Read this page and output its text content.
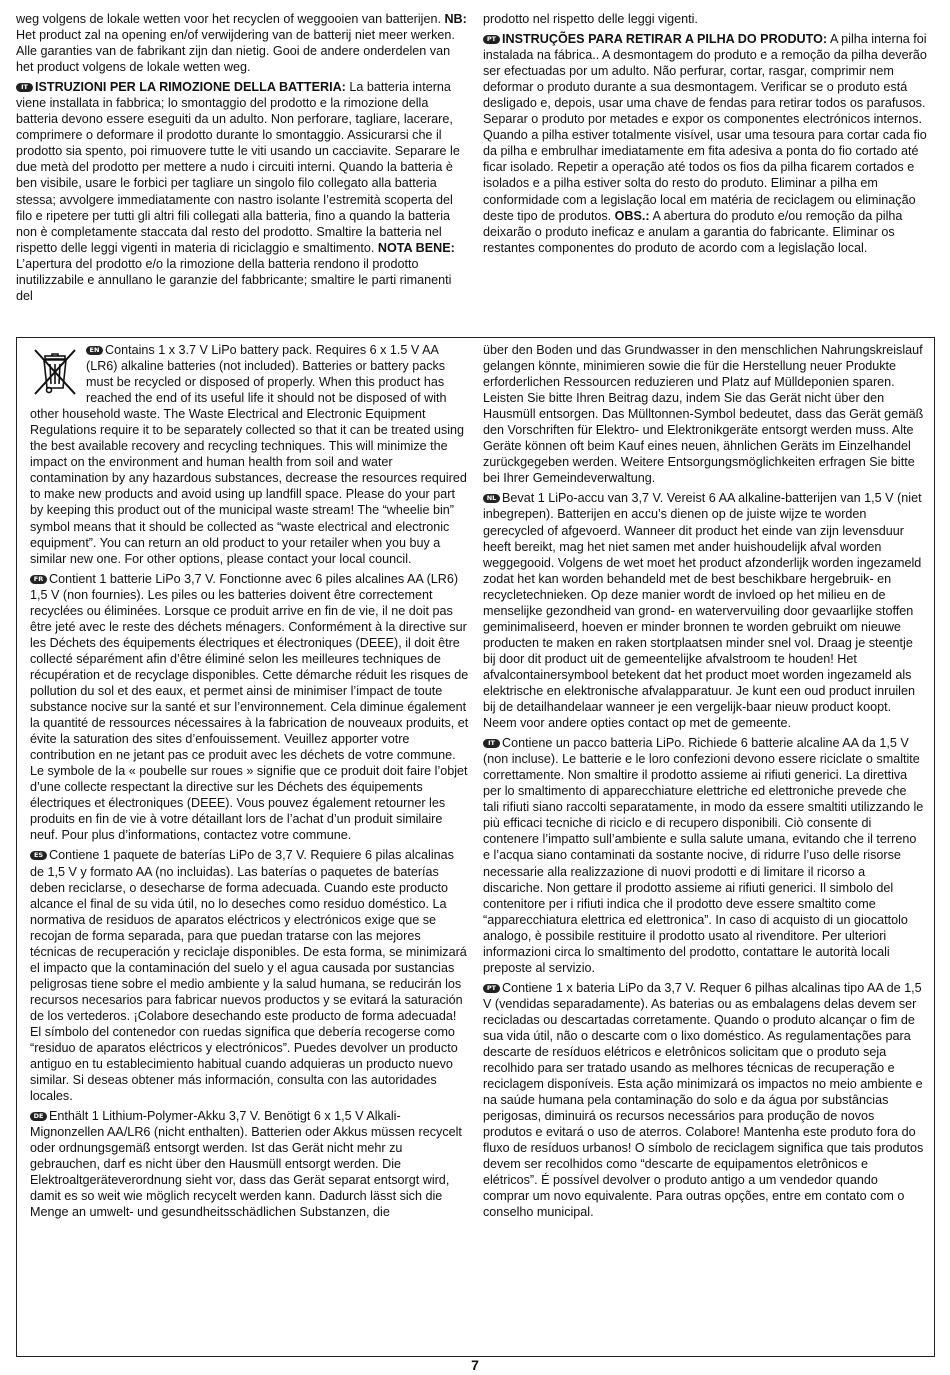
weg volgens de lokale wetten voor het recyclen of weggooien van batterijen. NB: Het product zal na opening en/of verwijdering van de batterij niet meer werken. Alle garanties van de fabrikant zijn dan nietig. Gooi de andere onderdelen van het product volgens de lokale wetten weg.

IT ISTRUZIONI PER LA RIMOZIONE DELLA BATTERIA: La batteria interna viene installata in fabbrica; lo smontaggio del prodotto e la rimozione della batteria devono essere eseguiti da un adulto. Non perforare, tagliare, lacerare, comprimere o deformare il prodotto durante lo smontaggio. Assicurarsi che il prodotto sia spento, poi rimuovere tutte le viti usando un cacciavite. Separare le due metà del prodotto per mettere a nudo i circuiti interni. Quando la batteria è ben visibile, usare le forbici per tagliare un singolo filo collegato alla batteria stessa; avvolgere immediatamente con nastro isolante l’estremità scoperta del filo e ripetere per tutti gli altri fili collegati alla batteria, fino a quando la batteria non è completamente staccata dal resto del prodotto. Smaltire la batteria nel rispetto delle leggi vigenti in materia di riciclaggio e smaltimento. NOTA BENE: L’apertura del prodotto e/o la rimozione della batteria rendono il prodotto inutilizzabile e annullano le garanzie del fabbricante; smaltire le parti rimanenti del

prodotto nel rispetto delle leggi vigenti.

PT INSTRUÇÕES PARA RETIRAR A PILHA DO PRODUTO: A pilha interna foi instalada na fábrica.. A desmontagem do produto e a remoção da pilha deverão ser efectuadas por um adulto. Não perfurar, cortar, rasgar, comprimir nem deformar o produto durante a sua desmontagem. Verificar se o produto está desligado e, depois, usar uma chave de fendas para retirar todos os parafusos. Separar o produto por metades e expor os componentes electrónicos internos. Quando a pilha estiver totalmente visível, usar uma tesoura para cortar cada fio da pilha e embrulhar imediatamente em fita adesiva a ponta do fio cortado até ficar isolado. Repetir a operação até todos os fios da pilha ficarem cortados e isolados e a pilha estiver solta do resto do produto. Eliminar a pilha em conformidade com a legislação local em matéria de reciclagem ou eliminação deste tipo de produtos. OBS.: A abertura do produto e/ou remoção da pilha deixarão o produto ineficaz e anulam a garantia do fabricante. Eliminar os restantes componentes do produto de acordo com a legislação local.

EN Contains 1 x 3.7 V LiPo battery pack. Requires 6 x 1.5 V AA (LR6) alkaline batteries (not included). Batteries or battery packs must be recycled or disposed of properly. When this product has reached the end of its useful life it should not be disposed of with other household waste. The Waste Electrical and Electronic Equipment Regulations require it to be separately collected so that it can be treated using the best available recovery and recycling techniques. This will minimize the impact on the environment and human health from soil and water contamination by any hazardous substances, decrease the resources required to make new products and avoid using up landfill space. Please do your part by keeping this product out of the municipal waste stream! The “wheelie bin” symbol means that it should be collected as “waste electrical and electronic equipment”. You can return an old product to your retailer when you buy a similar new one. For other options, please contact your local council.

FR Contient 1 batterie LiPo 3,7 V. Fonctionne avec 6 piles alcalines AA (LR6) 1,5 V (non fournies). Les piles ou les batteries doivent être correctement recyclées ou éliminées. Lorsque ce produit arrive en fin de vie, il ne doit pas être jeté avec le reste des déchets ménagers. Conformément à la directive sur les Déchets des équipements électriques et électroniques (DEEE), il doit être collecté séparément afin d’être éliminé selon les meilleures techniques de récupération et de recyclage disponibles. Cette démarche réduit les risques de pollution du sol et des eaux, et permet ainsi de minimiser l’impact de toute substance nocive sur la santé et sur l’environnement. Cela diminue également la quantité de ressources nécessaires à la fabrication de nouveaux produits, et évite la saturation des sites d’enfouissement. Veuillez apporter votre contribution en ne jetant pas ce produit avec les déchets de votre commune. Le symbole de la « poubelle sur roues » signifie que ce produit doit faire l’objet d’une collecte respectant la directive sur les Déchets des équipements électriques et électroniques (DEEE). Vous pouvez également retourner les produits en fin de vie à votre détaillant lors de l’achat d’un produit similaire neuf. Pour plus d’informations, contactez votre commune.

ES Contiene 1 paquete de baterías LiPo de 3,7 V. Requiere 6 pilas alcalinas de 1,5 V y formato AA (no incluidas). Las baterías o paquetes de baterías deben reciclarse, o desecharse de forma adecuada. Cuando este producto alcance el final de su vida útil, no lo deseches como residuo doméstico. La normativa de residuos de aparatos eléctricos y electrónicos exige que se recojan de forma separada, para que puedan tratarse con las mejores técnicas de recuperación y reciclaje disponibles. De esta forma, se minimizará el impacto que la contaminación del suelo y el agua causada por sustancias peligrosas tiene sobre el medio ambiente y la salud humana, se reducirán los recursos necesarios para fabricar nuevos productos y se evitará la saturación de los vertederos. ¡Colabore desechando este producto de forma adecuada! El símbolo del contenedor con ruedas significa que debería recogerse como “residuo de aparatos eléctricos y electrónicos”. Puedes devolver un producto antiguo en tu establecimiento habitual cuando adquieras un producto nuevo similar. Si deseas obtener más información, consulta con las autoridades locales.

DE Enthält 1 Lithium-Polymer-Akku 3,7 V. Benötigt 6 x 1,5 V Alkali-Mignonzellen AA/LR6 (nicht enthalten). Batterien oder Akkus müssen recycelt oder ordnungsgemäß entsorgt werden. Ist das Gerät nicht mehr zu gebrauchen, darf es nicht über den Hausmüll entsorgt werden. Die Elektroaltgeräteverordnung sieht vor, dass das Gerät separat entsorgt wird, damit es so weit wie möglich recycelt werden kann. Dadurch lässt sich die Menge an umwelt- und gesundheitsschädlichen Substanzen, die

über den Boden und das Grundwasser in den menschlichen Nahrungskreislauf gelangen könnte, minimieren sowie die für die Herstellung neuer Produkte erforderlichen Ressourcen reduzieren und Platz auf Mülldeponien sparen. Leisten Sie bitte Ihren Beitrag dazu, indem Sie das Gerät nicht über den Hausmüll entsorgen. Das Mülltonnen-Symbol bedeutet, dass das Gerät gemäß den Vorschriften für Elektro- und Elektronikgeräte entsorgt werden muss. Alte Geräte können oft beim Kauf eines neuen, ähnlichen Geräts im Einzelhandel zurückgegeben werden. Weitere Entsorgungsmöglichkeiten erfragen Sie bitte bei Ihrer Gemeindeverwaltung.

NL Bevat 1 LiPo-accu van 3,7 V. Vereist 6 AA alkaline-batterijen van 1,5 V (niet inbegrepen). Batterijen en accu’s dienen op de juiste wijze te worden gerecycled of afgevoerd. Wanneer dit product het einde van zijn levensduur heeft bereikt, mag het niet samen met ander huishoudelijk afval worden weggegooid. Volgens de wet moet het product afzonderlijk worden ingezameld zodat het kan worden behandeld met de best beschikbare hergebruik- en recycletechnieken. Op deze manier wordt de invloed op het milieu en de menselijke gezondheid van grond- en watervervuiling door gevaarlijke stoffen geminimaliseerd, hoeven er minder bronnen te worden gebruikt om nieuwe producten te maken en raken stortplaatsen minder snel vol. Draag je steentje bij door dit product uit de gemeentelijke afvalstroom te houden! Het afvalcontainersymbool betekent dat het product moet worden ingezameld als elektrische en elektronische afvalapparatuur. Je kunt een oud product inruilen bij de detailhandelaar wanneer je een vergelijk-baar nieuw product koopt. Neem voor andere opties contact op met de gemeente.

IT Contiene un pacco batteria LiPo. Richiede 6 batterie alcaline AA da 1,5 V (non incluse). Le batterie e le loro confezioni devono essere riciclate o smaltite correttamente. Non smaltire il prodotto assieme ai rifiuti generici. La direttiva per lo smaltimento di apparecchiature elettriche ed elettroniche prevede che tali rifiuti siano raccolti separatamente, in modo da essere smaltiti utilizzando le più efficaci tecniche di riciclo e di recupero disponibili. Ciò consente di contenere l’impatto sull’ambiente e sulla salute umana, evitando che il terreno e l’acqua siano contaminati da sostante nocive, di ridurre l’uso delle risorse necessarie alla realizzazione di nuovi prodotti e di limitare il ricorso a discariche. Non gettare il prodotto assieme ai rifiuti generici. Il simbolo del contenitore per i rifiuti indica che il prodotto deve essere smaltito come “apparecchiatura elettrica ed elettronica”. In caso di acquisto di un giocattolo analogo, è possibile restituire il prodotto usato al rivenditore. Per ulteriori informazioni circa lo smaltimento del prodotto, contattare le autorità locali preposte al servizio.

PT Contiene 1 x bateria LiPo da 3,7 V. Requer 6 pilhas alcalinas tipo AA de 1,5 V (vendidas separadamente). As baterias ou as embalagens delas devem ser recicladas ou descartadas corretamente. Quando o produto alcançar o fim de sua vida útil, não o descarte com o lixo doméstico. As regulamentações para descarte de resíduos elétricos e eletrônicos solicitam que o produto seja recolhido para ser tratado usando as melhores técnicas de recuperação e reciclagem disponíveis. Esta ação minimizará os impactos no meio ambiente e na saúde humana pela contaminação do solo e da água por substâncias perigosas, diminuirá os recursos necessários para produção de novos produtos e evitará o uso de aterros. Colabore! Mantenha este produto fora do fluxo de resíduos urbanos! O símbolo de reciclagem significa que tais produtos devem ser recolhidos como “descarte de equipamentos eletrônicos e elétricos”. É possível devolver o produto antigo a um vendedor quando comprar um novo equivalente. Para outras opções, entre em contato com o conselho municipal.

7
